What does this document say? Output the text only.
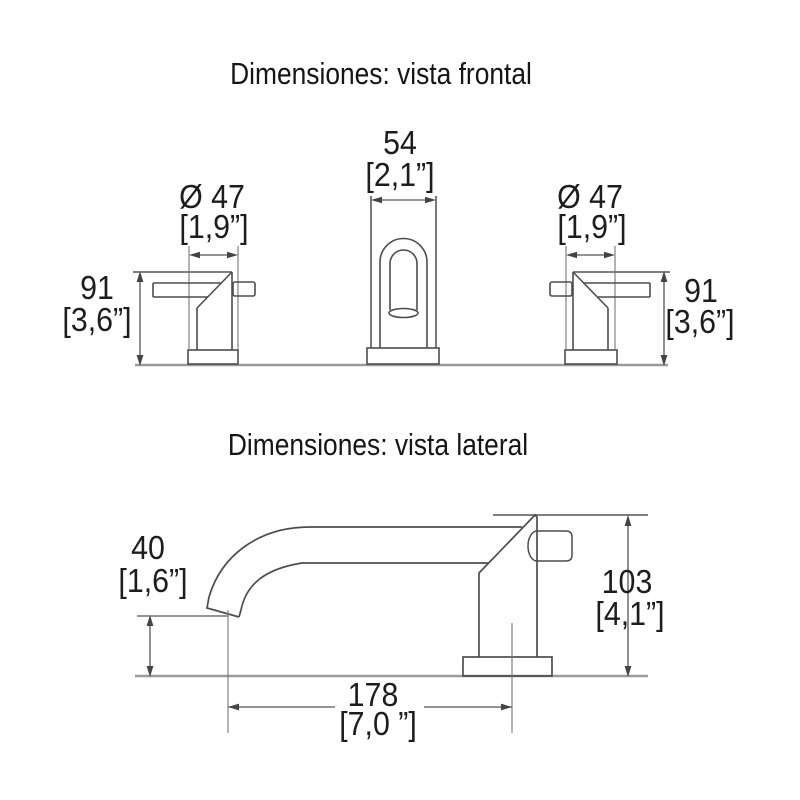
Dimensiones: vista frontal
Dimensiones: vista lateral
54
[2,1”]
Ø 47
[1,9”]
Ø 47
[1,9”]
91
[3,6”]
91
[3,6”]
40
[1,6”]	103
[4,1”]
178
[7,0 ”]
